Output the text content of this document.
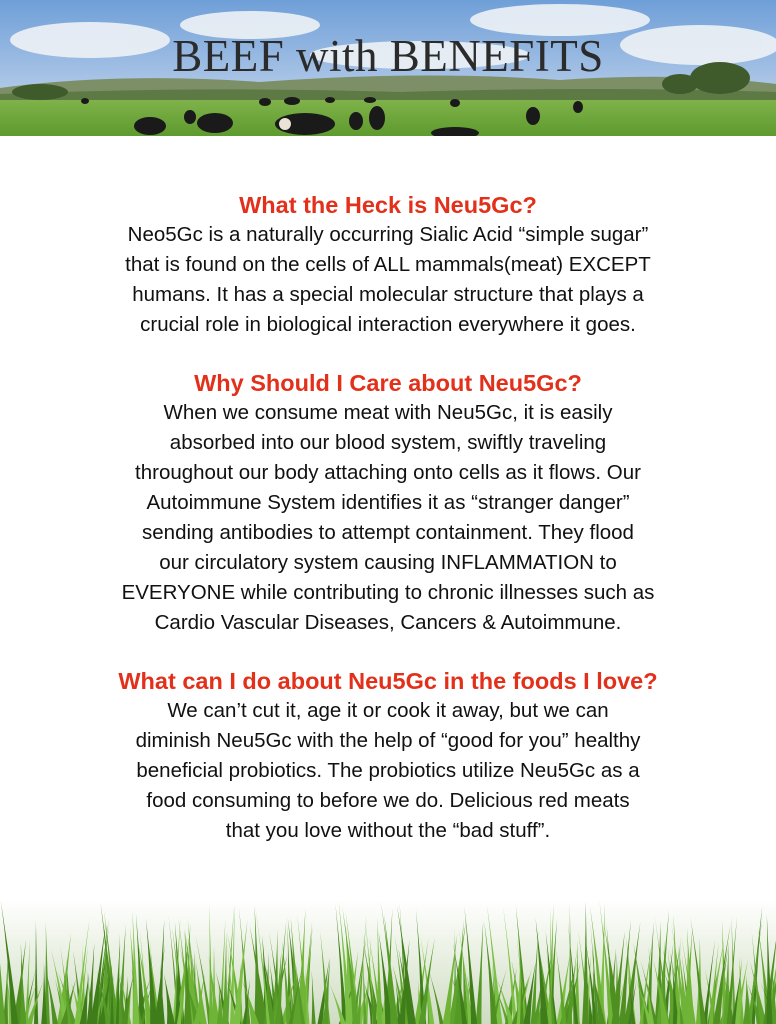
BEEF with BENEFITS

What the Heck is Neu5Gc?

Neo5Gc is a naturally occurring Sialic Acid “simple sugar”
that is found on the cells of ALL mammals(meat) EXCEPT
humans. It has a special molecular structure that plays a
crucial role in biological interaction everywhere it goes.

Why Should I Care about Neu5Gc?

When we consume meat with Neu5Gc, it is easily
absorbed into our blood system, swiftly traveling
throughout our body attaching onto cells as it flows. Our
Autoimmune System identifies it as “stranger danger”
sending antibodies to attempt containment. They flood
our circulatory system causing INFLAMMATION to
EVERYONE while contributing to chronic illnesses such as
Cardio Vascular Diseases, Cancers & Autoimmune.

What can I do about Neu5Gc in the foods I love?

We can’t cut it, age it or cook it away, but we can
diminish Neu5Gc with the help of “good for you” healthy
beneficial probiotics. The probiotics utilize Neu5Gc as a
food consuming to before we do. Delicious red meats
that you love without the “bad stuff”.
